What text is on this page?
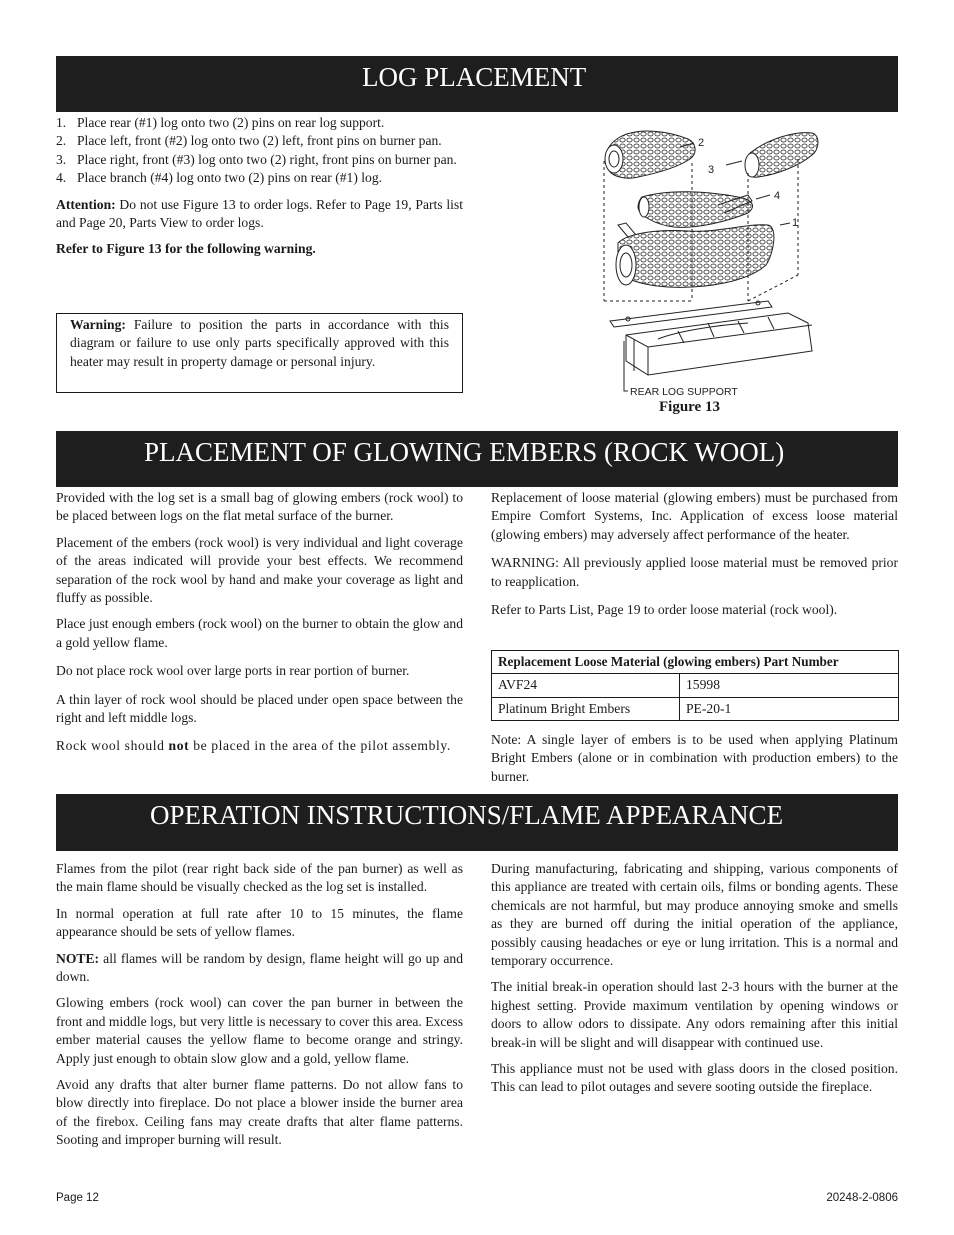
LOG PLACEMENT
1. Place rear (#1) log onto two (2) pins on rear log support.
2. Place left, front (#2) log onto two (2) left, front pins on burner pan.
3. Place right, front (#3) log onto two (2) right, front pins on burner pan.
4. Place branch (#4) log onto two (2) pins on rear (#1) log.

Attention: Do not use Figure 13 to order logs. Refer to Page 19, Parts list and Page 20, Parts View to order logs.

Refer to Figure 13 for the following warning.

Warning: Failure to position the parts in accordance with this diagram or failure to use only parts specifically approved with this heater may result in property damage or personal injury.
2
3
4
1
REAR LOG SUPPORT
Figure 13
PLACEMENT OF GLOWING EMBERS (ROCK WOOL)

Provided with the log set is a small bag of glowing embers (rock wool) to be placed between logs on the flat metal surface of the burner.

Placement of the embers (rock wool) is very individual and light coverage of the areas indicated will provide your best effects. We recommend separation of the rock wool by hand and make your coverage as light and fluffy as possible.

Place just enough embers (rock wool) on the burner to obtain the glow and a gold yellow flame.

Do not place rock wool over large ports in rear portion of burner.

A thin layer of rock wool should be placed under open space between the right and left middle logs.

Rock wool should not be placed in the area of the pilot assembly.

Replacement of loose material (glowing embers) must be purchased from Empire Comfort Systems, Inc. Application of excess loose material (glowing embers) may adversely affect performance of the heater.

WARNING: All previously applied loose material must be removed prior to reapplication.

Refer to Parts List, Page 19 to order loose material (rock wool).

Replacement Loose Material (glowing embers) Part Number	
AVF24	15998
Platinum Bright Embers	PE-20-1

Note: A single layer of embers is to be used when applying Platinum Bright Embers (alone or in combination with production embers) to the burner.

OPERATION INSTRUCTIONS/FLAME APPEARANCE

Flames from the pilot (rear right back side of the pan burner) as well as the main flame should be visually checked as the log set is installed.

In normal operation at full rate after 10 to 15 minutes, the flame appearance should be sets of yellow flames.

NOTE: all flames will be random by design, flame height will go up and down.

Glowing embers (rock wool) can cover the pan burner in between the front and middle logs, but very little is necessary to cover this area. Excess ember material causes the yellow flame to become orange and stringy. Apply just enough to obtain slow glow and a gold, yellow flame.

Avoid any drafts that alter burner flame patterns. Do not allow fans to blow directly into fireplace. Do not place a blower inside the burner area of the firebox. Ceiling fans may create drafts that alter flame patterns. Sooting and improper burning will result.

During manufacturing, fabricating and shipping, various components of this appliance are treated with certain oils, films or bonding agents. These chemicals are not harmful, but may produce annoying smoke and smells as they are burned off during the initial operation of the appliance, possibly causing headaches or eye or lung irritation. This is a normal and temporary occurrence.

The initial break-in operation should last 2-3 hours with the burner at the highest setting. Provide maximum ventilation by opening windows or doors to allow odors to dissipate. Any odors remaining after this initial break-in will be slight and will disappear with continued use.

This appliance must not be used with glass doors in the closed position. This can lead to pilot outages and severe sooting outside the fireplace.

Page 12	20248-2-0806
